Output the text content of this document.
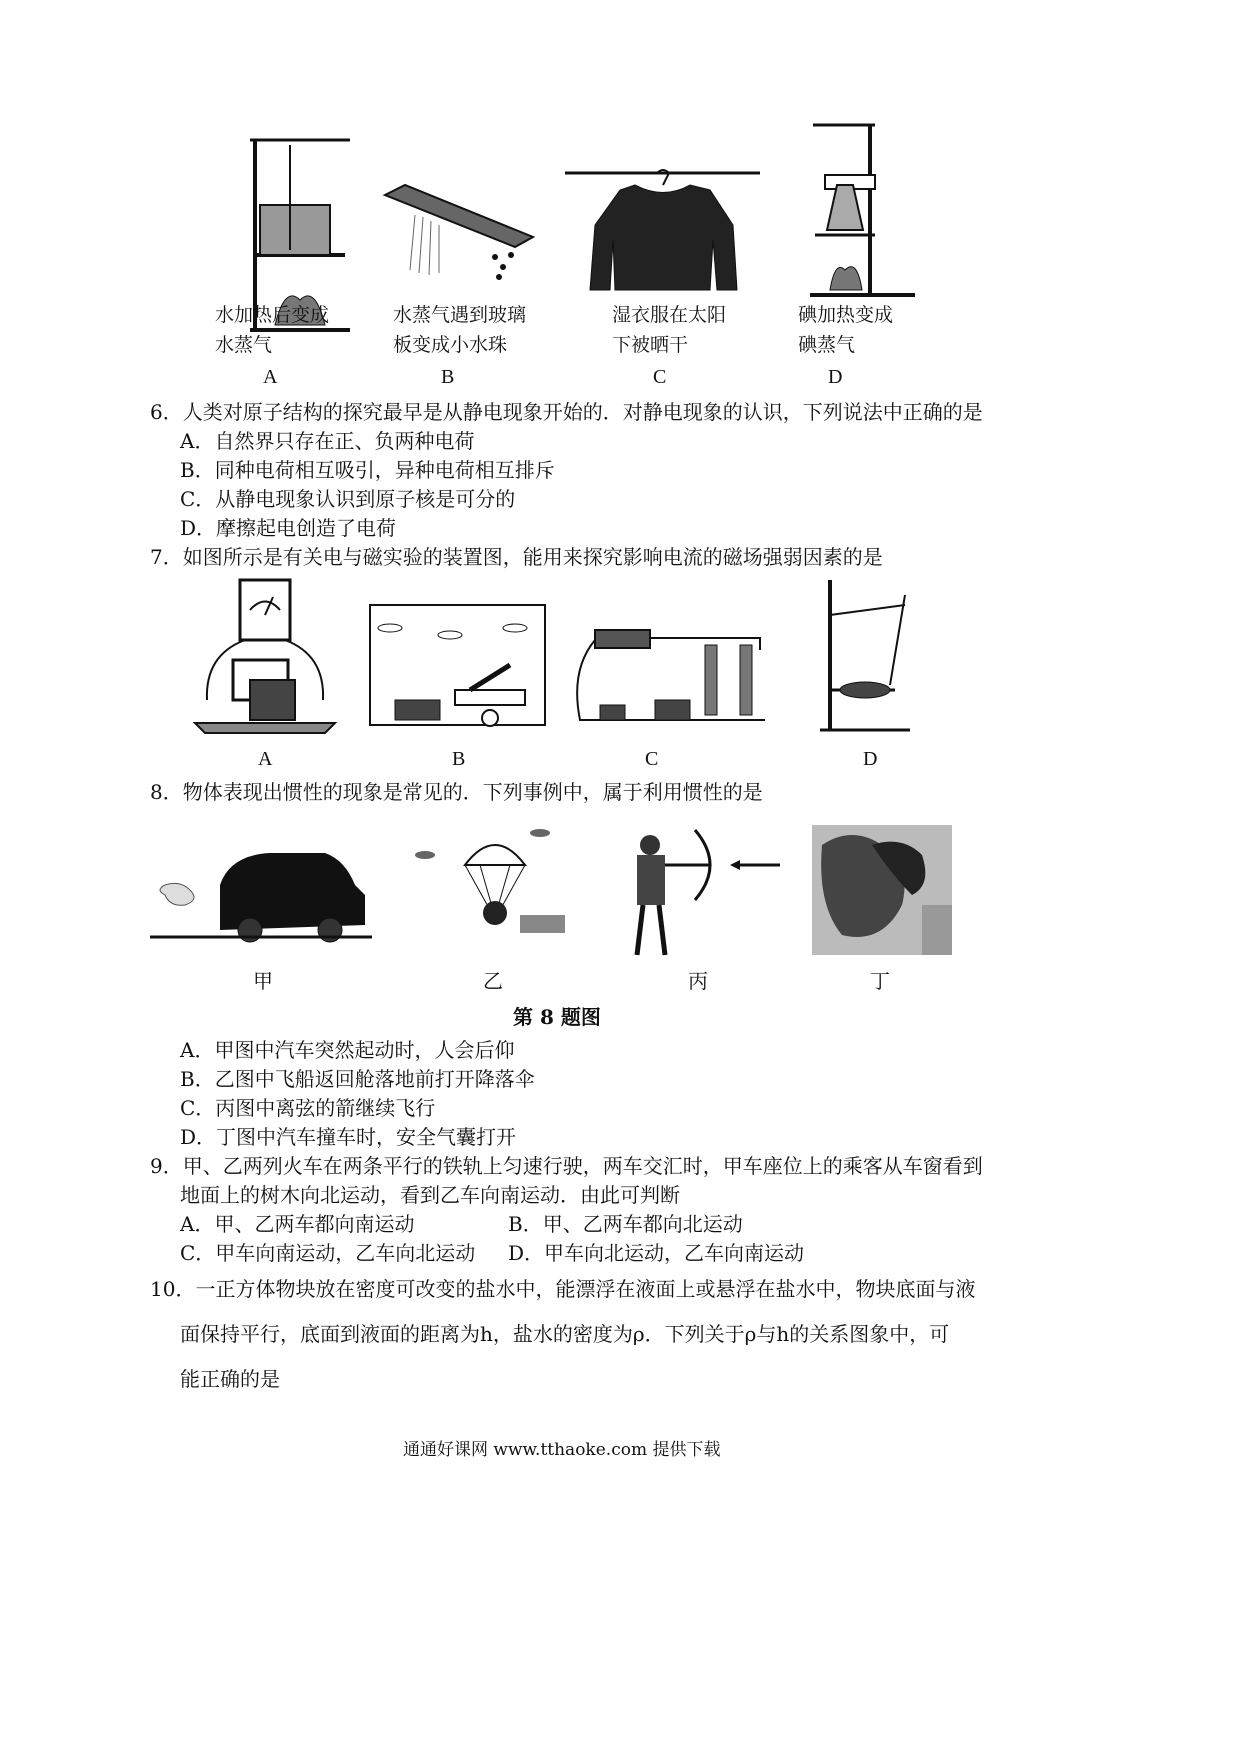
水加热后变成
水蒸气
水蒸气遇到玻璃
板变成小水珠
湿衣服在太阳
下被晒干
碘加热变成
碘蒸气
A	B	C	D
6．人类对原子结构的探究最早是从静电现象开始的．对静电现象的认识，下列说法中正确的是
A．自然界只存在正、负两种电荷
B．同种电荷相互吸引，异种电荷相互排斥
C．从静电现象认识到原子核是可分的
D．摩擦起电创造了电荷
7．如图所示是有关电与磁实验的装置图，能用来探究影响电流的磁场强弱因素的是
A	B	C	D
8．物体表现出惯性的现象是常见的．下列事例中，属于利用惯性的是
甲	乙	丙	丁
第 8 题图
A．甲图中汽车突然起动时，人会后仰
B．乙图中飞船返回舱落地前打开降落伞
C．丙图中离弦的箭继续飞行
D．丁图中汽车撞车时，安全气囊打开
9．甲、乙两列火车在两条平行的铁轨上匀速行驶，两车交汇时，甲车座位上的乘客从车窗看到
地面上的树木向北运动，看到乙车向南运动．由此可判断
A．甲、乙两车都向南运动	B．甲、乙两车都向北运动
C．甲车向南运动，乙车向北运动 D．甲车向北运动，乙车向南运动
10．一正方体物块放在密度可改变的盐水中，能漂浮在液面上或悬浮在盐水中，物块底面与液
面保持平行，底面到液面的距离为h，盐水的密度为ρ．下列关于ρ与h的关系图象中，可
能正确的是
通通好课网 www.tthaoke.com 提供下载
